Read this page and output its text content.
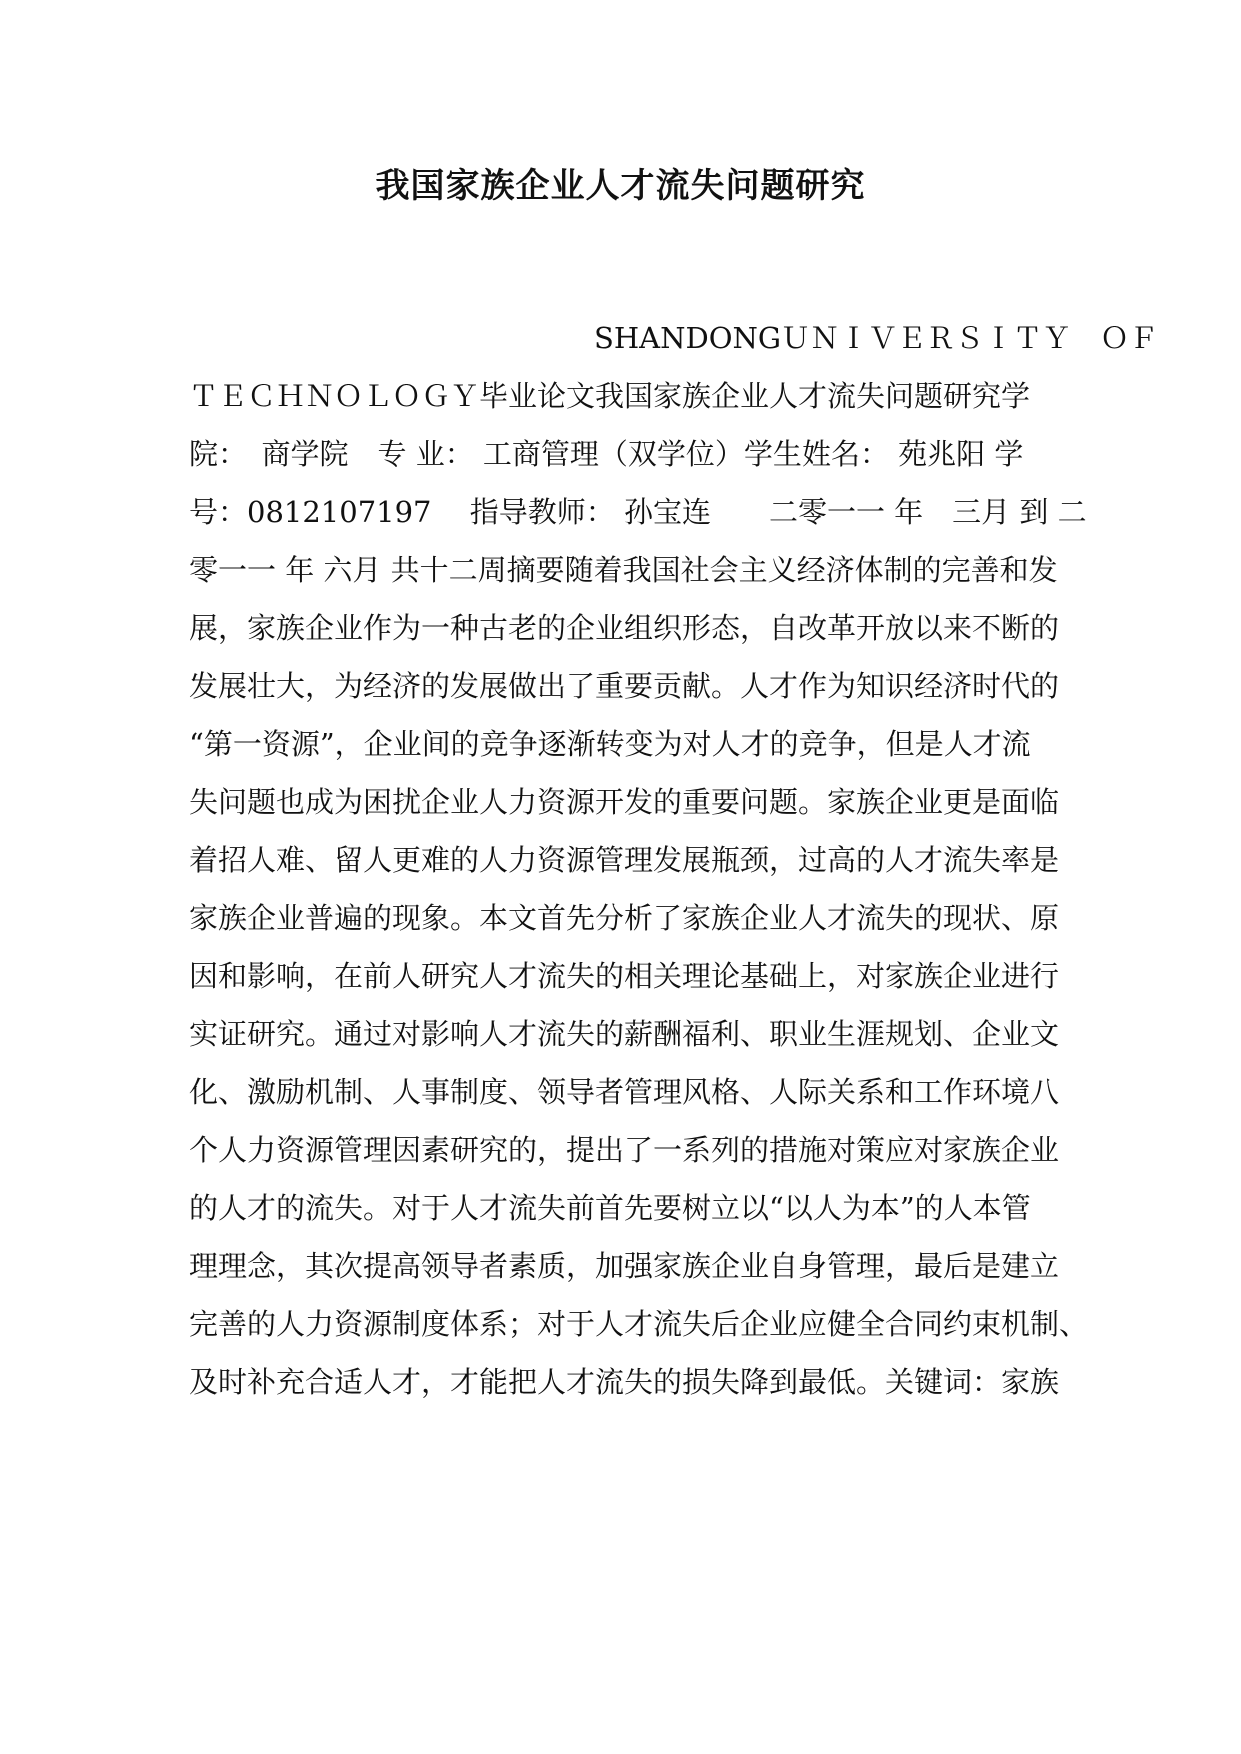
我国家族企业人才流失问题研究
SHANDONGＵＮＩＶＥＲＳＩＴＹ　ＯＦ
ＴＥＣＨＮＯＬＯＧＹ毕业论文我国家族企业人才流失问题研究学
院：　商学院　专 业： 工商管理（双学位）学生姓名： 苑兆阳 学
号：0812107197　 指导教师： 孙宝连　　二零一一 年　三月 到 二
零一一 年 六月 共十二周摘要随着我国社会主义经济体制的完善和发
展，家族企业作为一种古老的企业组织形态，自改革开放以来不断的
发展壮大，为经济的发展做出了重要贡献。人才作为知识经济时代的
“第一资源”，企业间的竞争逐渐转变为对人才的竞争，但是人才流
失问题也成为困扰企业人力资源开发的重要问题。家族企业更是面临
着招人难、留人更难的人力资源管理发展瓶颈，过高的人才流失率是
家族企业普遍的现象。本文首先分析了家族企业人才流失的现状、原
因和影响，在前人研究人才流失的相关理论基础上，对家族企业进行
实证研究。通过对影响人才流失的薪酬福利、职业生涯规划、企业文
化、激励机制、人事制度、领导者管理风格、人际关系和工作环境八
个人力资源管理因素研究的，提出了一系列的措施对策应对家族企业
的人才的流失。对于人才流失前首先要树立以“以人为本”的人本管
理理念，其次提高领导者素质，加强家族企业自身管理，最后是建立
完善的人力资源制度体系；对于人才流失后企业应健全合同约束机制、
及时补充合适人才，才能把人才流失的损失降到最低。关键词：家族
